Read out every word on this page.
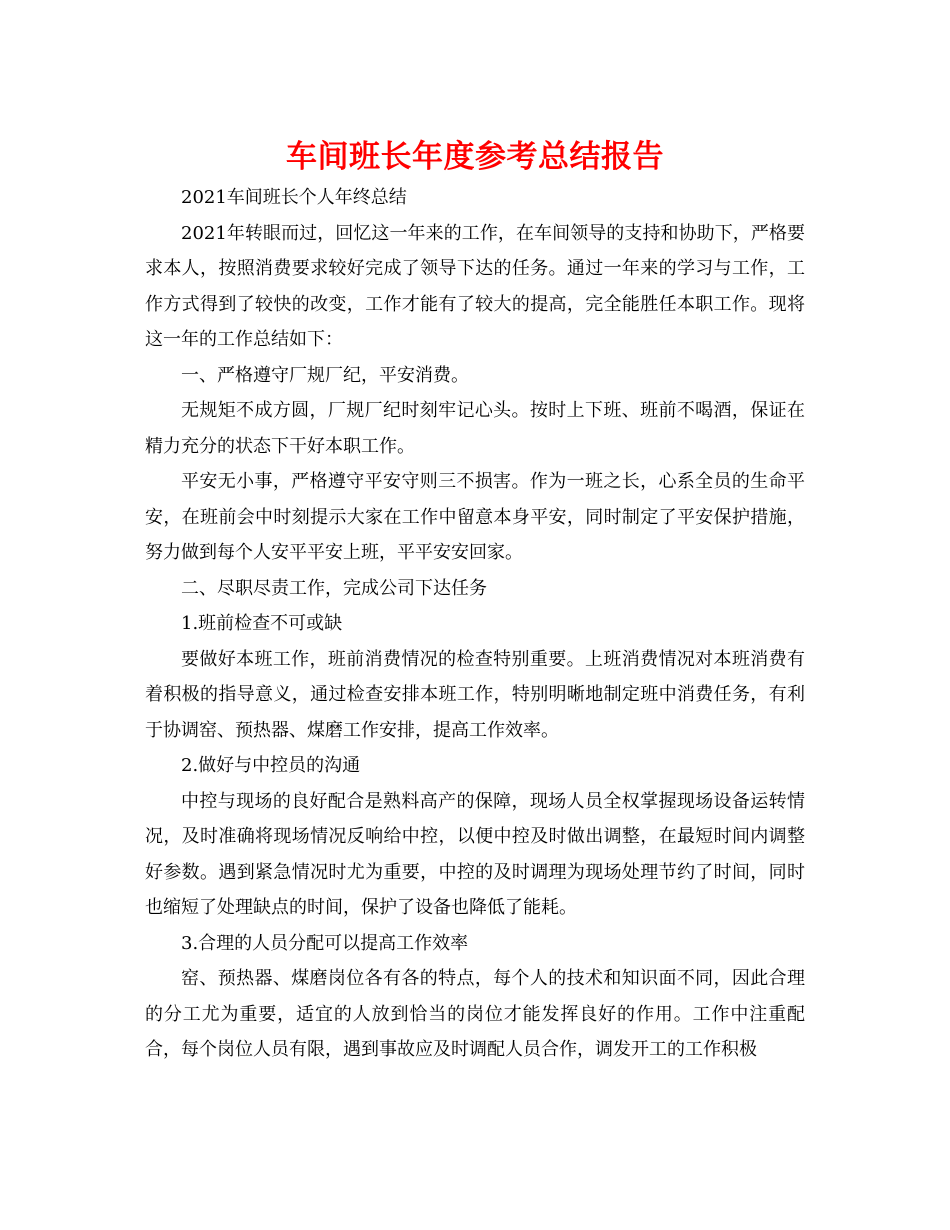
车间班长年度参考总结报告

2021车间班长个人年终总结

2021年转眼而过，回忆这一年来的工作，在车间领导的支持和协助下，严格要求本人，按照消费要求较好完成了领导下达的任务。通过一年来的学习与工作，工作方式得到了较快的改变，工作才能有了较大的提高，完全能胜任本职工作。现将这一年的工作总结如下：

一、严格遵守厂规厂纪，平安消费。

无规矩不成方圆，厂规厂纪时刻牢记心头。按时上下班、班前不喝酒，保证在精力充分的状态下干好本职工作。

平安无小事，严格遵守平安守则三不损害。作为一班之长，心系全员的生命平安，在班前会中时刻提示大家在工作中留意本身平安，同时制定了平安保护措施，努力做到每个人安平平安上班，平平安安回家。

二、尽职尽责工作，完成公司下达任务

1.班前检查不可或缺

要做好本班工作，班前消费情况的检查特别重要。上班消费情况对本班消费有着积极的指导意义，通过检查安排本班工作，特别明晰地制定班中消费任务，有利于协调窑、预热器、煤磨工作安排，提高工作效率。

2.做好与中控员的沟通

中控与现场的良好配合是熟料高产的保障，现场人员全权掌握现场设备运转情况，及时准确将现场情况反响给中控，以便中控及时做出调整，在最短时间内调整好参数。遇到紧急情况时尤为重要，中控的及时调理为现场处理节约了时间，同时也缩短了处理缺点的时间，保护了设备也降低了能耗。

3.合理的人员分配可以提高工作效率

窑、预热器、煤磨岗位各有各的特点，每个人的技术和知识面不同，因此合理的分工尤为重要，适宜的人放到恰当的岗位才能发挥良好的作用。工作中注重配合，每个岗位人员有限，遇到事故应及时调配人员合作，调发开工的工作积极
